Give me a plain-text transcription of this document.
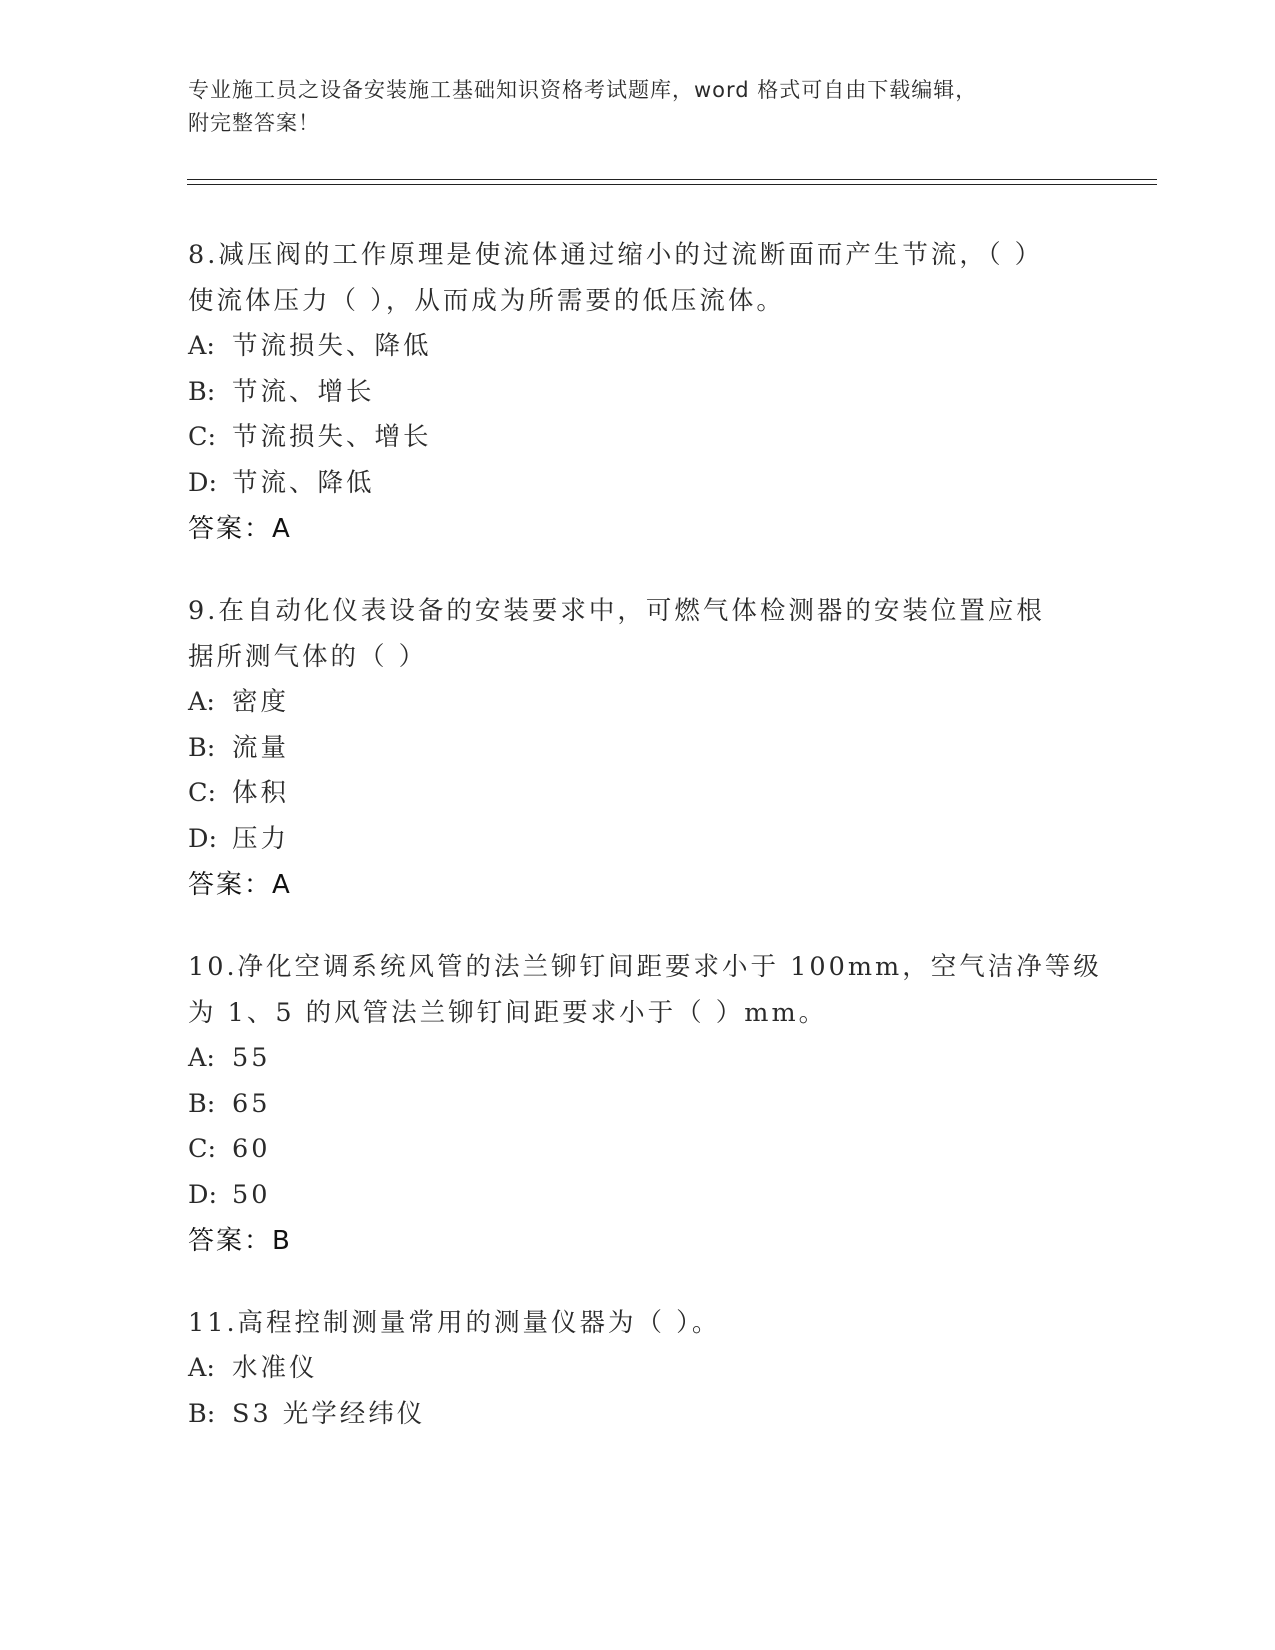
专业施工员之设备安装施工基础知识资格考试题库，word 格式可自由下载编辑，
附完整答案！
8.减压阀的工作原理是使流体通过缩小的过流断面而产生节流，（ ）
使流体压力（ ），从而成为所需要的低压流体。
A: 节流损失、降低
B: 节流、增长
C: 节流损失、增长
D: 节流、降低
答案：A
9.在自动化仪表设备的安装要求中，可燃气体检测器的安装位置应根
据所测气体的（ ）
A: 密度
B: 流量
C: 体积
D: 压力
答案：A
10.净化空调系统风管的法兰铆钉间距要求小于 100mm，空气洁净等级
为 1、5 的风管法兰铆钉间距要求小于（ ）mm。
A: 55
B: 65
C: 60
D: 50
答案：B
11.高程控制测量常用的测量仪器为（ ）。
A: 水准仪
B: S3 光学经纬仪
